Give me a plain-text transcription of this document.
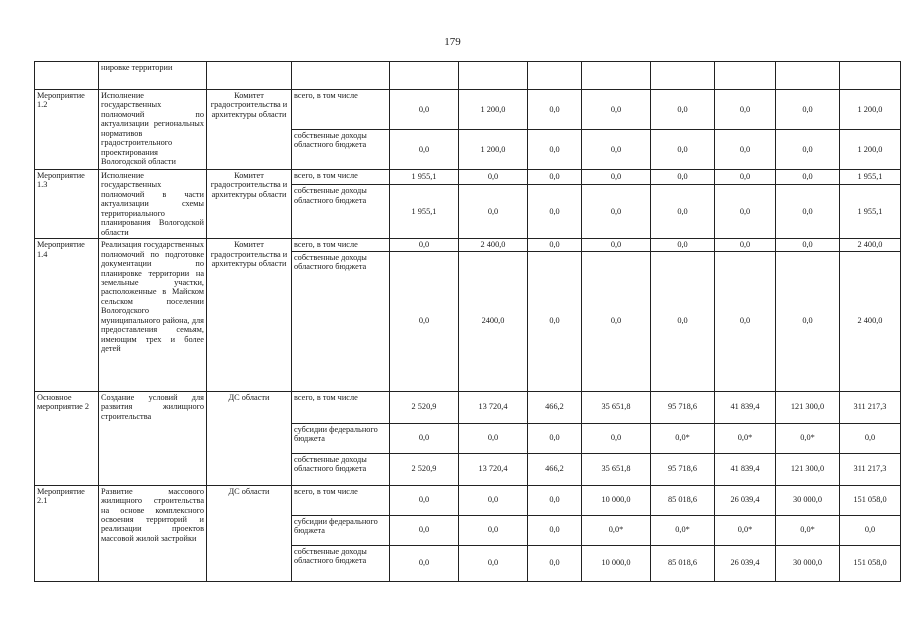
179
	нировке территории										
Мероприятие 1.2	Исполнение государственных полномочий по актуализации региональных нормативов градостроительного проектирования Вологодской области	Комитет градостроительства и архитектуры области	всего, в том числе	0,0	1 200,0	0,0	0,0	0,0	0,0	0,0	1 200,0
			собственные доходы областного бюджета	0,0	1 200,0	0,0	0,0	0,0	0,0	0,0	1 200,0
Мероприятие 1.3	Исполнение государственных полномочий в части актуализации схемы территориального планирования Вологодской области	Комитет градостроительства и архитектуры области	всего, в том числе	1 955,1	0,0	0,0	0,0	0,0	0,0	0,0	1 955,1
			собственные доходы областного бюджета	1 955,1	0,0	0,0	0,0	0,0	0,0	0,0	1 955,1
Мероприятие 1.4	Реализация государственных полномочий по подготовке документации по планировке территории на земельные участки, расположенные в Майском сельском поселении Вологодского муниципального района, для предоставления семьям, имеющим трех и более детей	Комитет градостроительства и архитектуры области	всего, в том числе	0,0	2 400,0	0,0	0,0	0,0	0,0	0,0	2 400,0
			собственные доходы областного бюджета	0,0	2400,0	0,0	0,0	0,0	0,0	0,0	2 400,0
Основное мероприятие 2	Создание условий для развития жилищного строительства	ДС области	всего, в том числе	2 520,9	13 720,4	466,2	35 651,8	95 718,6	41 839,4	121 300,0	311 217,3
			субсидии федерального бюджета	0,0	0,0	0,0	0,0	0,0*	0,0*	0,0*	0,0
			собственные доходы областного бюджета	2 520,9	13 720,4	466,2	35 651,8	95 718,6	41 839,4	121 300,0	311 217,3
Мероприятие 2.1	Развитие массового жилищного строительства на основе комплексного освоения территорий и реализации проектов массовой жилой застройки	ДС области	всего, в том числе	0,0	0,0	0,0	10 000,0	85 018,6	26 039,4	30 000,0	151 058,0
			субсидии федерального бюджета	0,0	0,0	0,0	0,0*	0,0*	0,0*	0,0*	0,0
			собственные доходы областного бюджета	0,0	0,0	0,0	10 000,0	85 018,6	26 039,4	30 000,0	151 058,0
